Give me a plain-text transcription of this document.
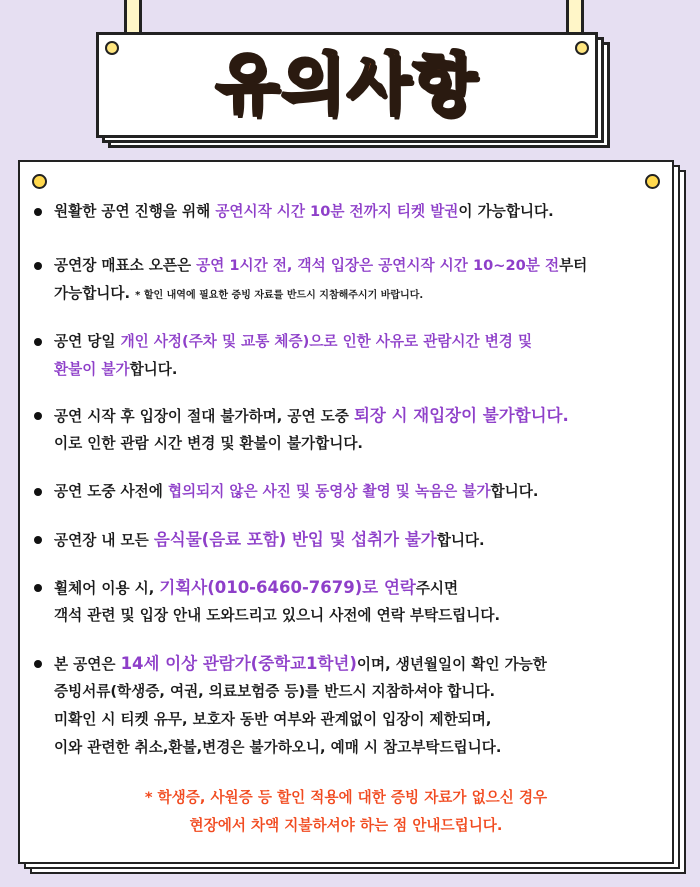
유의사항
원활한 공연 진행을 위해 공연시작 시간 10분 전까지 티켓 발권이 가능합니다.
공연장 매표소 오픈은 공연 1시간 전, 객석 입장은 공연시작 시간 10~20분 전부터
가능합니다. * 할인 내역에 필요한 증빙 자료를 반드시 지참해주시기 바랍니다.
공연 당일 개인 사정(주차 및 교통 체증)으로 인한 사유로 관람시간 변경 및
환불이 불가합니다.
공연 시작 후 입장이 절대 불가하며, 공연 도중 퇴장 시 재입장이 불가합니다.
이로 인한 관람 시간 변경 및 환불이 불가합니다.
공연 도중 사전에 협의되지 않은 사진 및 동영상 촬영 및 녹음은 불가합니다.
공연장 내 모든 음식물(음료 포함) 반입 및 섭취가 불가합니다.
휠체어 이용 시, 기획사(010-6460-7679)로 연락주시면
객석 관련 및 입장 안내 도와드리고 있으니 사전에 연락 부탁드립니다.
본 공연은 14세 이상 관람가(중학교1학년)이며, 생년월일이 확인 가능한
증빙서류(학생증, 여권, 의료보험증 등)를 반드시 지참하셔야 합니다.
미확인 시 티켓 유무, 보호자 동반 여부와 관계없이 입장이 제한되며,
이와 관련한 취소,환불,변경은 불가하오니, 예매 시 참고부탁드립니다.
* 학생증, 사원증 등 할인 적용에 대한 증빙 자료가 없으신 경우
현장에서 차액 지불하셔야 하는 점 안내드립니다.
